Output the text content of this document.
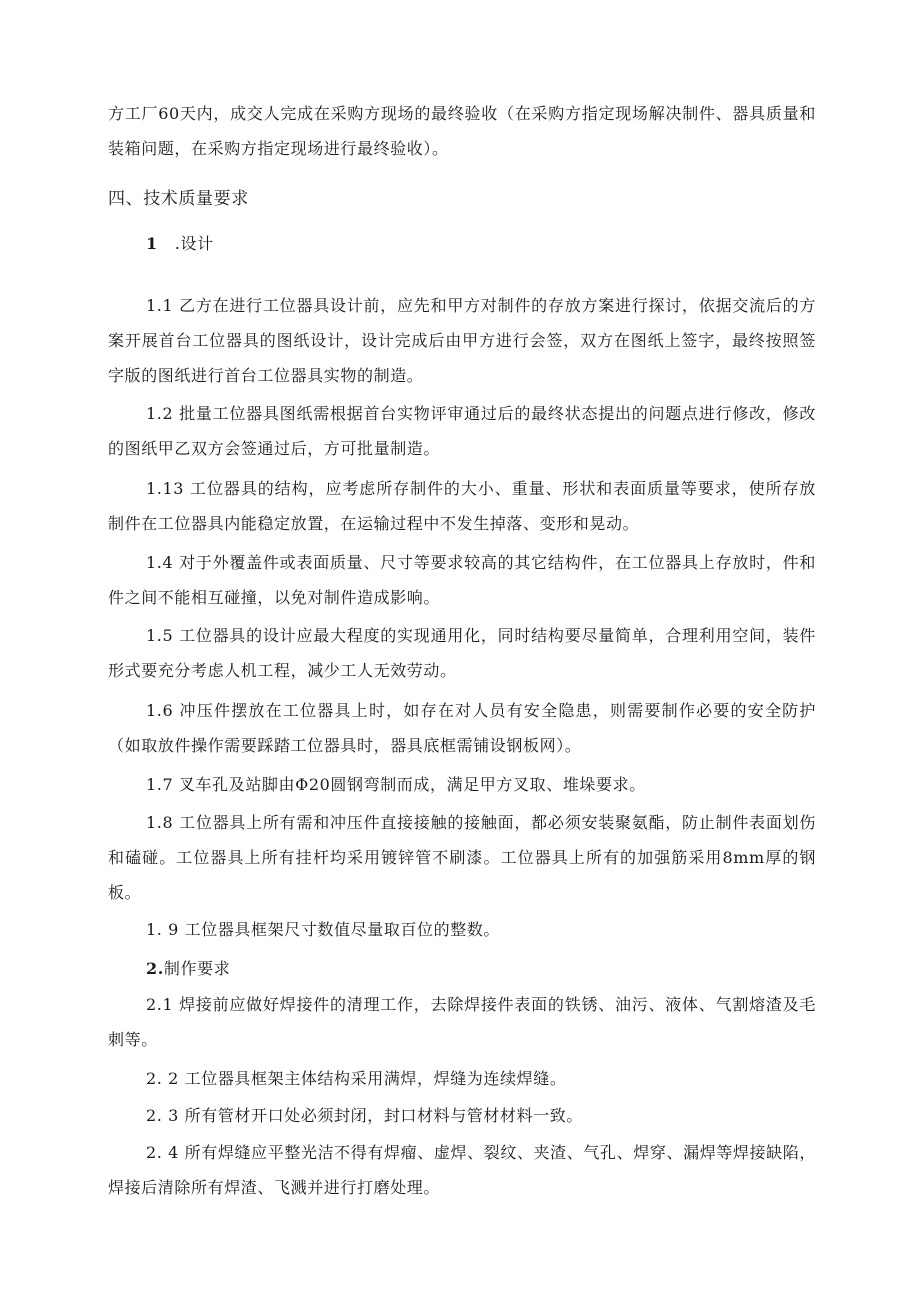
方工厂60天内，成交人完成在采购方现场的最终验收（在采购方指定现场解决制件、器具质量和装箱问题，在采购方指定现场进行最终验收）。
四、技术质量要求
1 .设计
1.1 乙方在进行工位器具设计前，应先和甲方对制件的存放方案进行探讨，依据交流后的方案开展首台工位器具的图纸设计，设计完成后由甲方进行会签，双方在图纸上签字，最终按照签字版的图纸进行首台工位器具实物的制造。
1.2 批量工位器具图纸需根据首台实物评审通过后的最终状态提出的问题点进行修改，修改的图纸甲乙双方会签通过后，方可批量制造。
1.13 工位器具的结构，应考虑所存制件的大小、重量、形状和表面质量等要求，使所存放制件在工位器具内能稳定放置，在运输过程中不发生掉落、变形和晃动。
1.4 对于外覆盖件或表面质量、尺寸等要求较高的其它结构件，在工位器具上存放时，件和件之间不能相互碰撞，以免对制件造成影响。
1.5 工位器具的设计应最大程度的实现通用化，同时结构要尽量简单，合理利用空间，装件形式要充分考虑人机工程，减少工人无效劳动。
1.6 冲压件摆放在工位器具上时，如存在对人员有安全隐患，则需要制作必要的安全防护（如取放件操作需要踩踏工位器具时，器具底框需铺设钢板网）。
1.7 叉车孔及站脚由Φ20圆钢弯制而成，满足甲方叉取、堆垛要求。
1.8 工位器具上所有需和冲压件直接接触的接触面，都必须安装聚氨酯，防止制件表面划伤和磕碰。工位器具上所有挂杆均采用镀锌管不刷漆。工位器具上所有的加强筋采用8mm厚的钢板。
1. 9 工位器具框架尺寸数值尽量取百位的整数。
2.制作要求
2.1 焊接前应做好焊接件的清理工作，去除焊接件表面的铁锈、油污、液体、气割熔渣及毛刺等。
2. 2 工位器具框架主体结构采用满焊，焊缝为连续焊缝。
2. 3 所有管材开口处必须封闭，封口材料与管材材料一致。
2. 4 所有焊缝应平整光洁不得有焊瘤、虚焊、裂纹、夹渣、气孔、焊穿、漏焊等焊接缺陷，焊接后清除所有焊渣、飞溅并进行打磨处理。
